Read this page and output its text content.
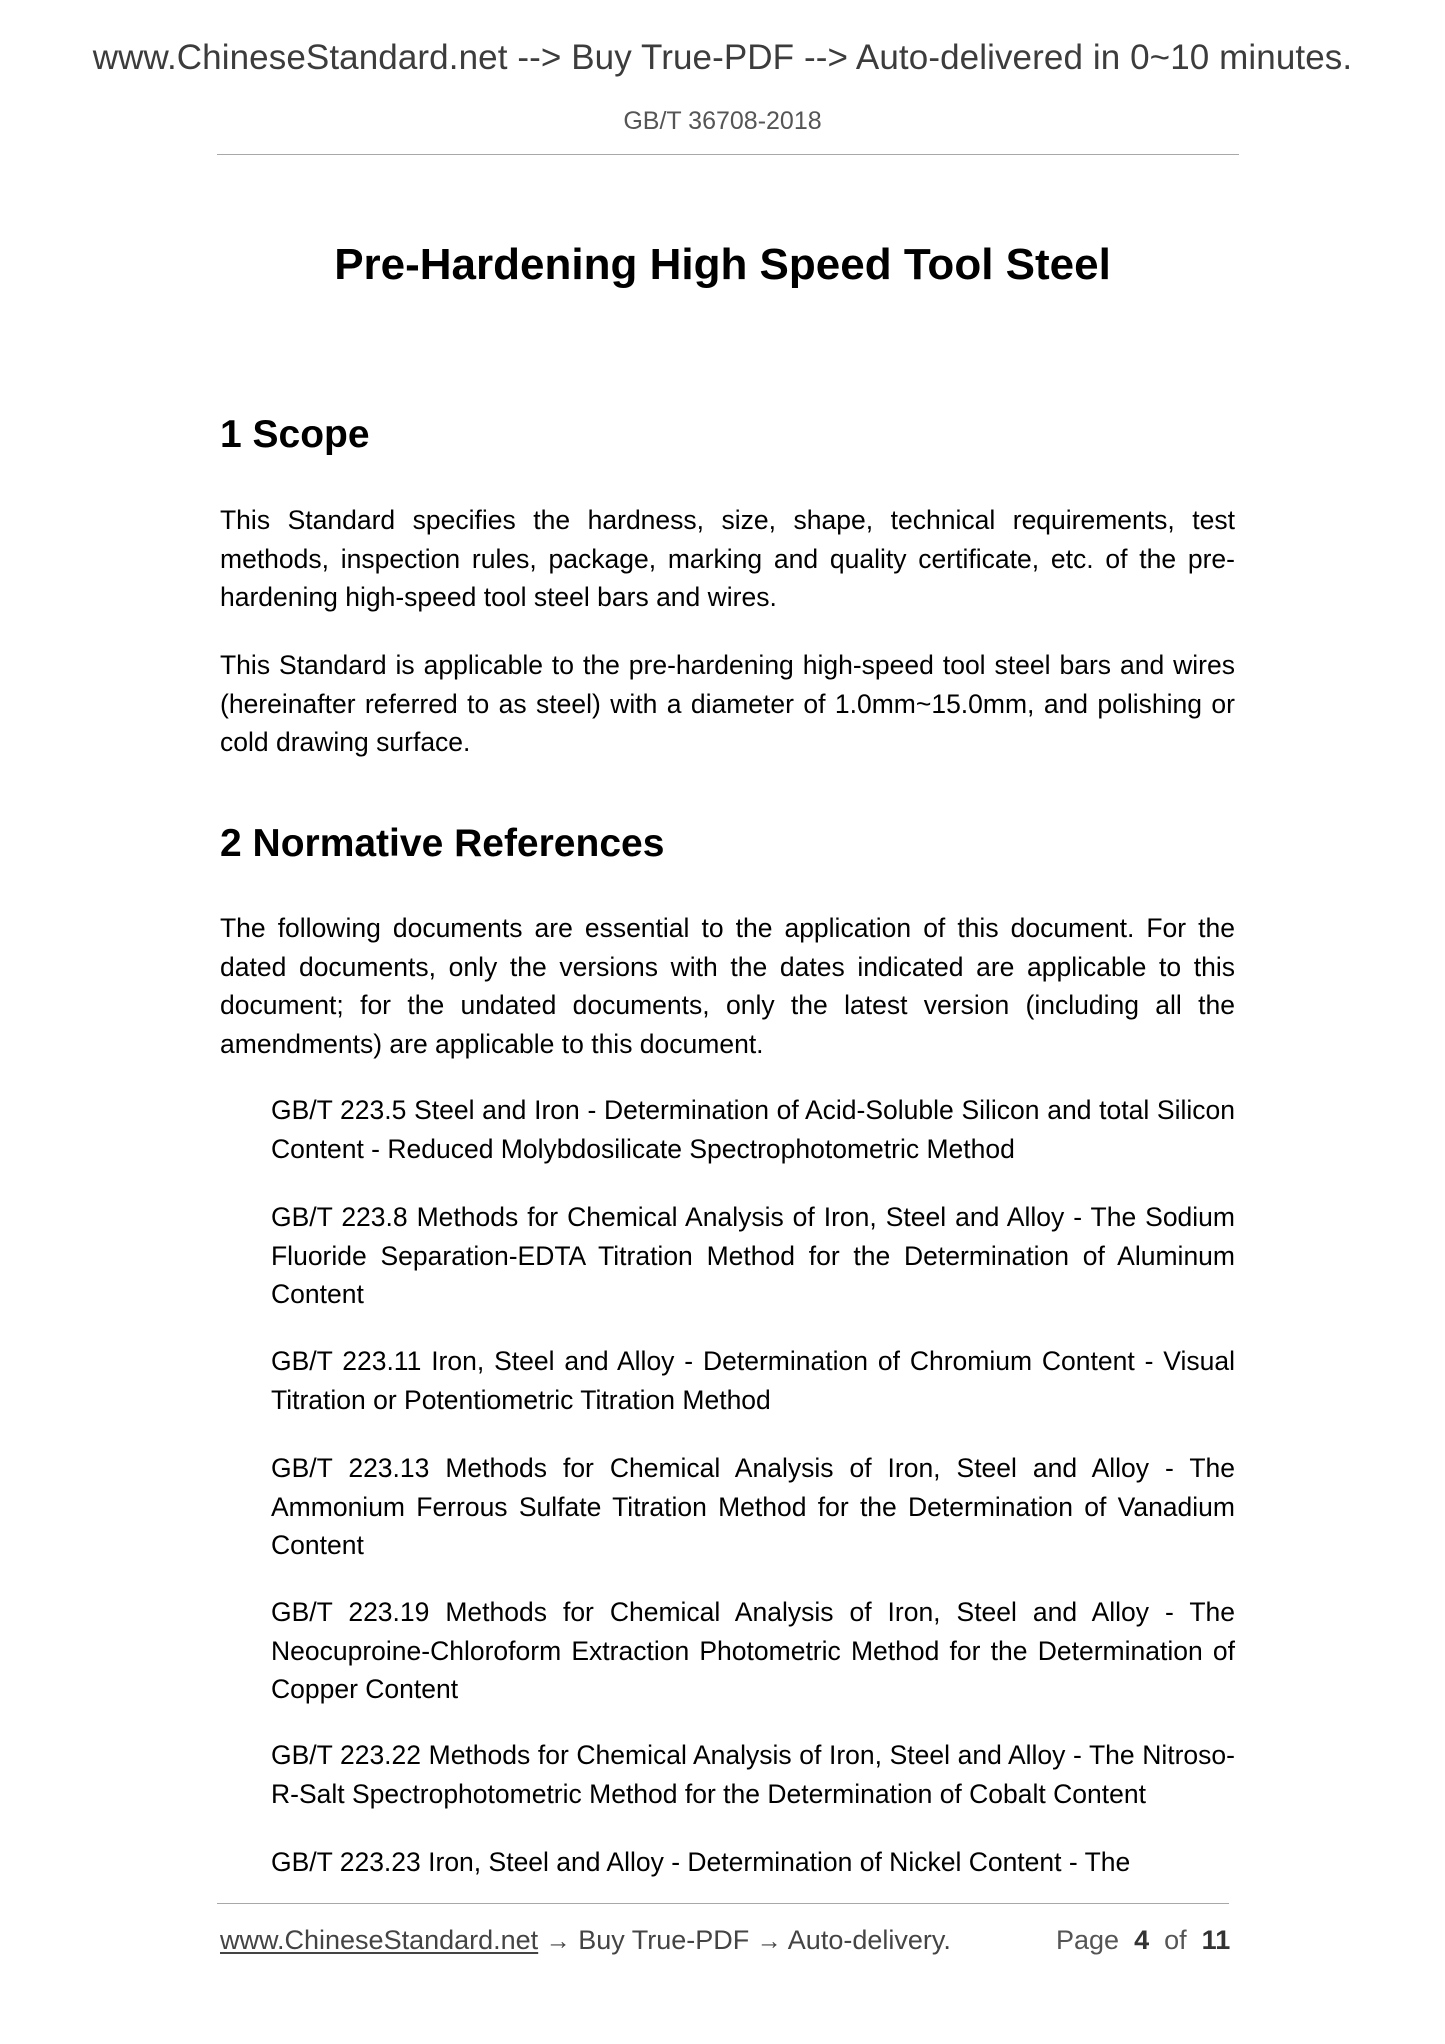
www.ChineseStandard.net --> Buy True-PDF --> Auto-delivered in 0~10 minutes.
GB/T 36708-2018
Pre-Hardening High Speed Tool Steel
1 Scope

This Standard specifies the hardness, size, shape, technical requirements, test methods, inspection rules, package, marking and quality certificate, etc. of the pre-hardening high-speed tool steel bars and wires.

This Standard is applicable to the pre-hardening high-speed tool steel bars and wires (hereinafter referred to as steel) with a diameter of 1.0mm~15.0mm, and polishing or cold drawing surface.

2 Normative References

The following documents are essential to the application of this document. For the dated documents, only the versions with the dates indicated are applicable to this document; for the undated documents, only the latest version (including all the amendments) are applicable to this document.

GB/T 223.5 Steel and Iron - Determination of Acid-Soluble Silicon and total Silicon Content - Reduced Molybdosilicate Spectrophotometric Method

GB/T 223.8 Methods for Chemical Analysis of Iron, Steel and Alloy - The Sodium Fluoride Separation-EDTA Titration Method for the Determination of Aluminum Content

GB/T 223.11 Iron, Steel and Alloy - Determination of Chromium Content - Visual Titration or Potentiometric Titration Method

GB/T 223.13 Methods for Chemical Analysis of Iron, Steel and Alloy - The Ammonium Ferrous Sulfate Titration Method for the Determination of Vanadium Content

GB/T 223.19 Methods for Chemical Analysis of Iron, Steel and Alloy - The Neocuproine-Chloroform Extraction Photometric Method for the Determination of Copper Content

GB/T 223.22 Methods for Chemical Analysis of Iron, Steel and Alloy - The Nitroso-R-Salt Spectrophotometric Method for the Determination of Cobalt Content

GB/T 223.23 Iron, Steel and Alloy - Determination of Nickel Content - The

www.ChineseStandard.net → Buy True-PDF → Auto-delivery.	Page 4 of 11
